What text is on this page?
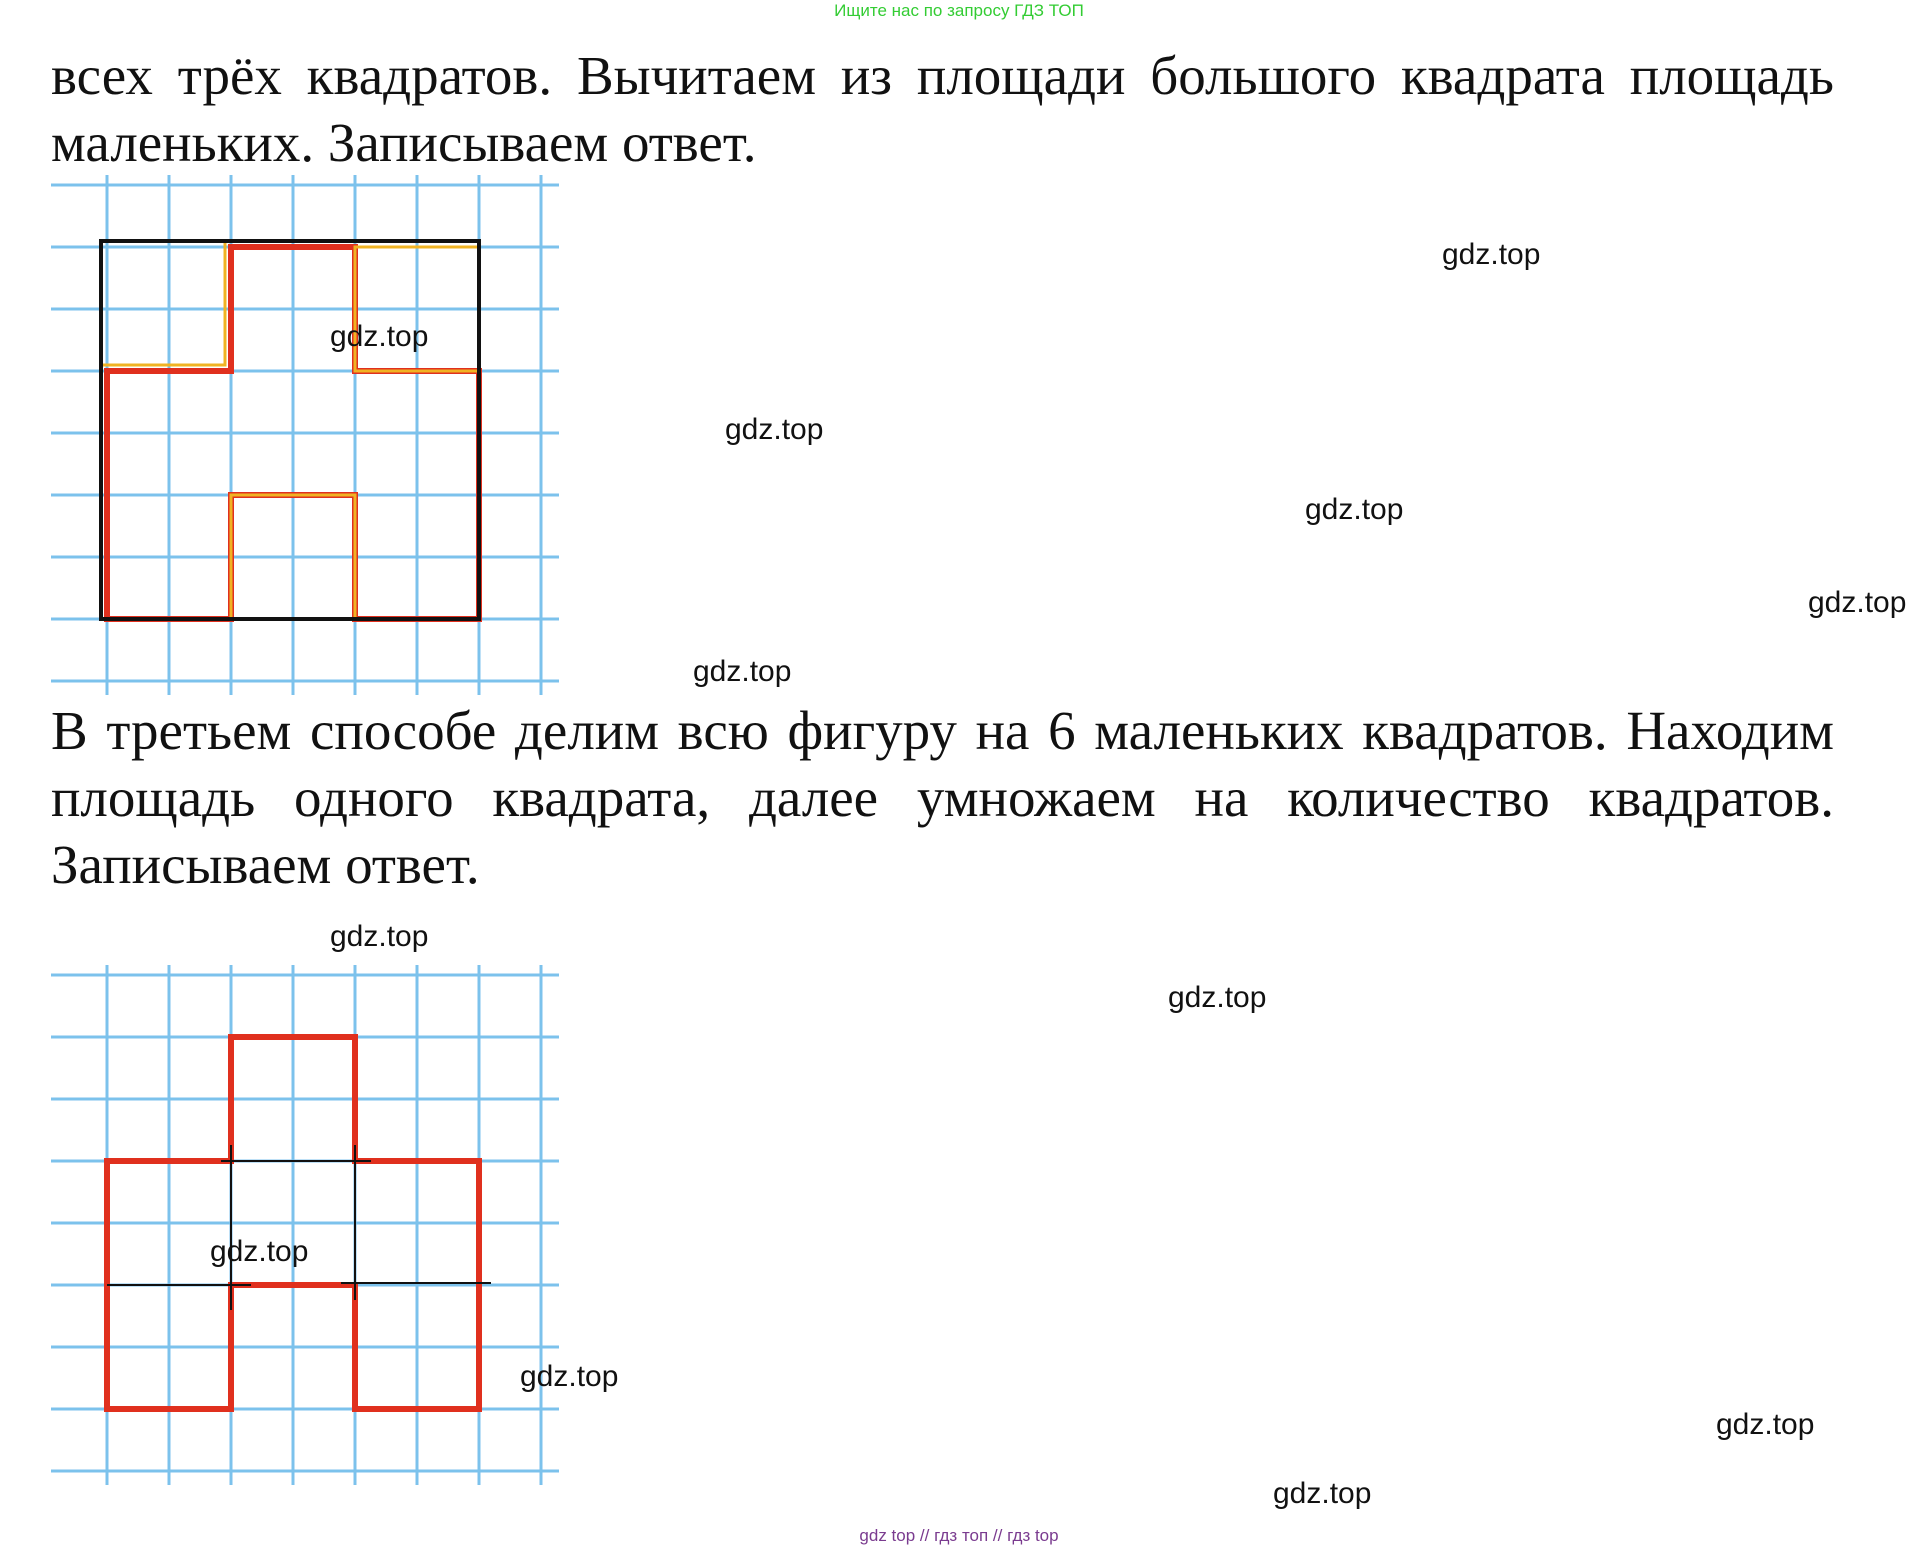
Ищите нас по запросу ГДЗ ТОП
всех трёх квадратов. Вычитаем из площади большого квадрата площадь маленьких. Записываем ответ.
В третьем способе делим всю фигуру на 6 маленьких квадратов. Находим площадь одного квадрата, далее умножаем на количество квадратов. Записываем ответ.
gdz.top
gdz.top
gdz.top
gdz.top
gdz.top
gdz.top
gdz.top
gdz.top
gdz.top
gdz.top
gdz.top
gdz.top
gdz top // гдз топ // гдз top
